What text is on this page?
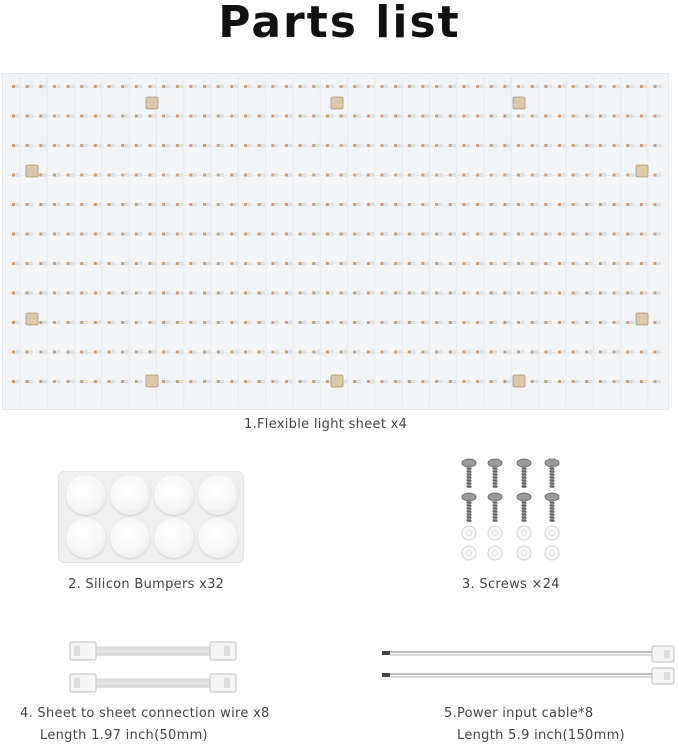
Parts list
1.Flexible light sheet x4
2. Silicon Bumpers x32	3. Screws ×24
4. Sheet to sheet connection wire x8
Length 1.97 inch(50mm)
5.Power input cable*8
Length 5.9 inch(150mm)
